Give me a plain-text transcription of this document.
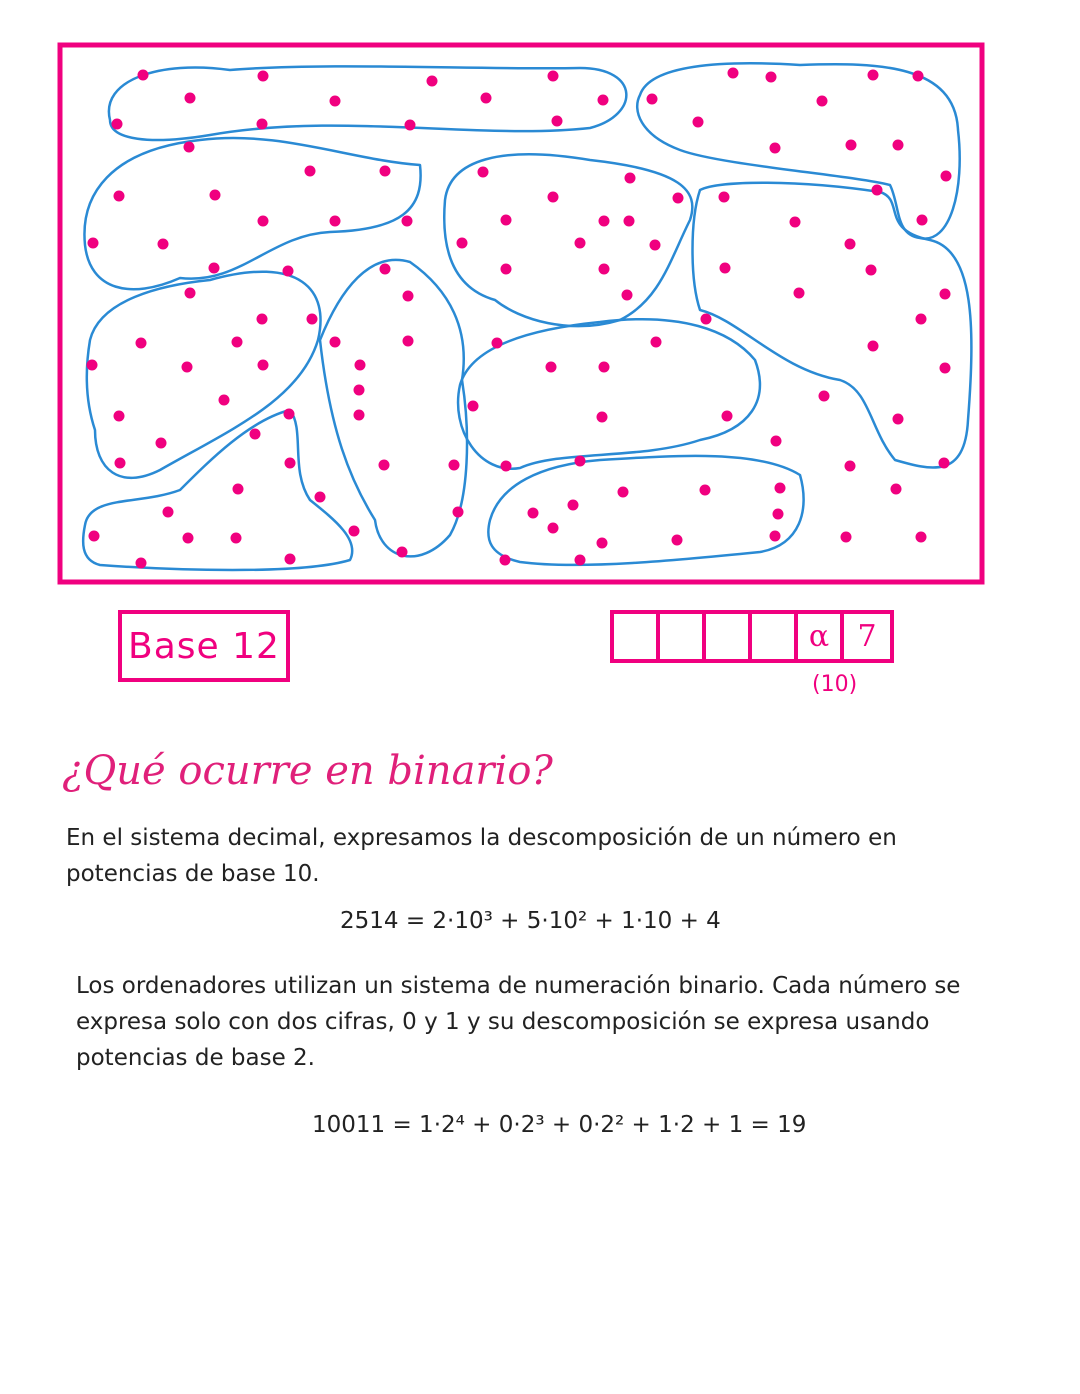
Base 12	α 7
(10)
¿Qué ocurre en binario?
En el sistema decimal, expresamos la descomposición de un número en potencias de base 10.
2514 = 2·10³ + 5·10² + 1·10 + 4
Los ordenadores utilizan un sistema de numeración binario. Cada número se expresa solo con dos cifras, 0 y 1 y su descomposición se expresa usando potencias de base 2.
10011 = 1·2⁴ + 0·2³ + 0·2² + 1·2 + 1 = 19
